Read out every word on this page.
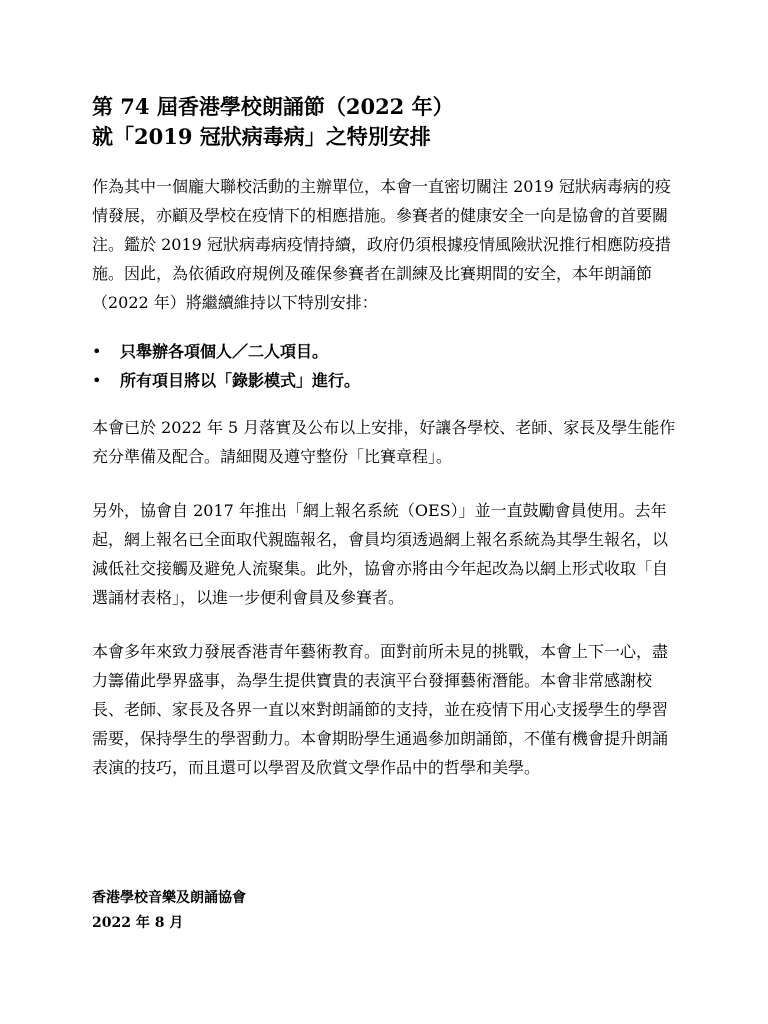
第 74 屆香港學校朗誦節（2022 年）
就「2019 冠狀病毒病」之特別安排

作為其中一個龐大聯校活動的主辦單位，本會一直密切關注 2019 冠狀病毒病的疫情發展，亦顧及學校在疫情下的相應措施。參賽者的健康安全一向是協會的首要關注。鑑於 2019 冠狀病毒病疫情持續，政府仍須根據疫情風險狀況推行相應防疫措施。因此，為依循政府規例及確保參賽者在訓練及比賽期間的安全，本年朗誦節（2022 年）將繼續維持以下特別安排：

• 只舉辦各項個人／二人項目。
• 所有項目將以「錄影模式」進行。

本會已於 2022 年 5 月落實及公布以上安排，好讓各學校、老師、家長及學生能作充分準備及配合。請細閱及遵守整份「比賽章程」。

另外，協會自 2017 年推出「網上報名系統（OES）」並一直鼓勵會員使用。去年起，網上報名已全面取代親臨報名，會員均須透過網上報名系統為其學生報名，以減低社交接觸及避免人流聚集。此外，協會亦將由今年起改為以網上形式收取「自選誦材表格」，以進一步便利會員及參賽者。

本會多年來致力發展香港青年藝術教育。面對前所未見的挑戰，本會上下一心，盡力籌備此學界盛事，為學生提供寶貴的表演平台發揮藝術潛能。本會非常感謝校長、老師、家長及各界一直以來對朗誦節的支持，並在疫情下用心支援學生的學習需要，保持學生的學習動力。本會期盼學生通過參加朗誦節，不僅有機會提升朗誦表演的技巧，而且還可以學習及欣賞文學作品中的哲學和美學。

香港學校音樂及朗誦協會
2022 年 8 月
